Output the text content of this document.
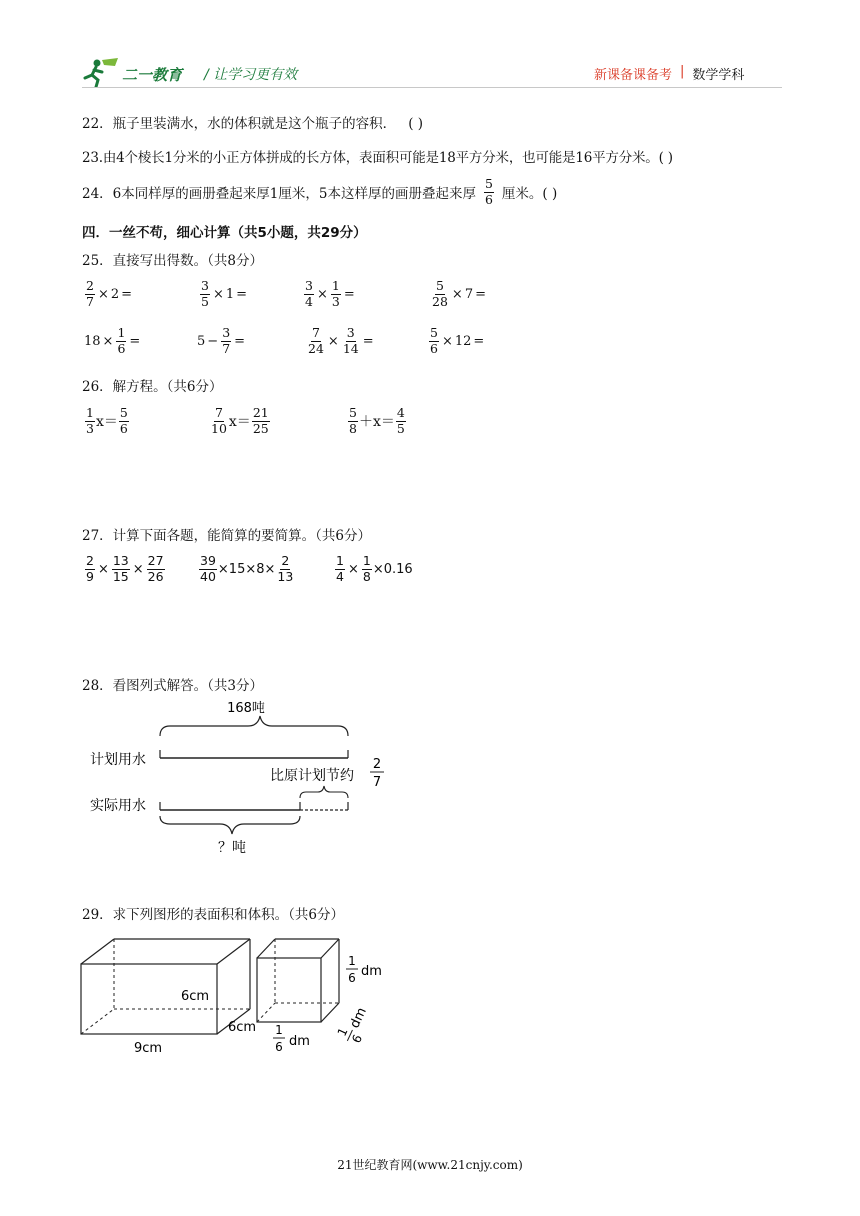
二一教育 / 让学习更有效	新课备课备考 | 数学学科
22．瓶子里装满水，水的体积就是这个瓶子的容积． ( )
23.由4个棱长1分米的小正方体拼成的长方体，表面积可能是18平方分米，也可能是16平方分米。( )
24．6本同样厚的画册叠起来厚1厘米，5本这样厚的画册叠起来厚 $\frac{5}{6}$ 厘米。( )
四．一丝不苟，细心计算（共5小题，共29分）
25．直接写出得数。（共8分）
$\frac{2}{7} \times 2$ =	$\frac{3}{5} \times 1$ =	$\frac{3}{4} \times \frac{1}{3}$ =	$\frac{5}{28} \times 7$ =
$18 \times \frac{1}{6}$ =	$5 - \frac{3}{7}$ =	$\frac{7}{24} \times \frac{3}{14}$ =	$\frac{5}{6} \times 12$ =
26．解方程。（共6分）
$\frac{1}{3} x= \frac{5}{6}$	$\frac{7}{10} x= \frac{21}{25}$	$\frac{5}{8} +x= \frac{4}{5}$
27．计算下面各题，能简算的要简算。（共6分）
$\frac{2}{9} \times \frac{13}{15} \times \frac{27}{26}$	$\frac{39}{40} \times 15\times 8\times \frac{2}{13}$	$\frac{1}{4} \times \frac{1}{8} \times 0.16$
28．看图列式解答。（共3分）
168吨
计划用水
比原计划节约
2
7
实际用水
？吨
29．求下列图形的表面积和体积。（共6分）
6cm
6cm
9cm
1
6 dm
1
6 dm
1
6
dm
21世纪教育网(www.21cnjy.com)
